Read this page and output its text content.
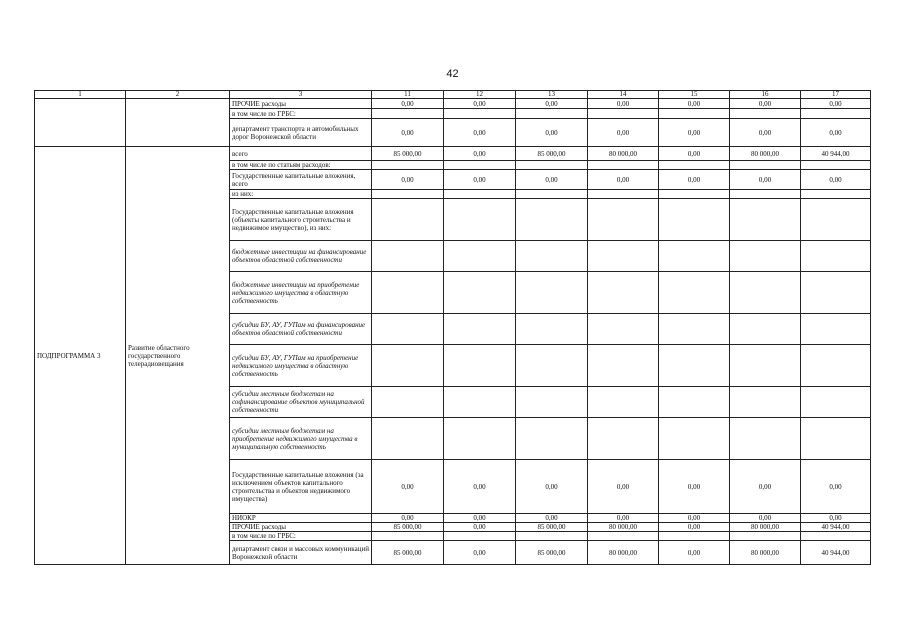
42
1	2	3	11	12	13	14	15	16	17
		ПРОЧИЕ расходы	0,00	0,00	0,00	0,00	0,00	0,00	0,00
		в том числе по ГРБС:							
		департамент транспорта и автомобильных дорог Воронежской области	0,00	0,00	0,00	0,00	0,00	0,00	0,00
ПОДПРОГРАММА 3	Развитие областного государственного телерадиовещания	всего	85 000,00	0,00	85 000,00	80 000,00	0,00	80 000,00	40 944,00
		в том числе по статьям расходов:							
		Государственные капитальные вложения, всего	0,00	0,00	0,00	0,00	0,00	0,00	0,00
		из них:							
		Государственные капитальные вложения (объекты капитального строительства и недвижимое имущество), из них:							
		бюджетные инвестиции на финансирование объектов областной собственности							
		бюджетные инвестиции на приобретение недвижимого имущества в областную собственность							
		субсидии БУ, АУ, ГУПам на финансирование объектов областной собственности							
		субсидии БУ, АУ, ГУПам на приобретение недвижимого имущества в областную собственность							
		субсидии местным бюджетам на софинансирование объектов муниципальной собственности							
		субсидии местным бюджетам на приобретение недвижимого имущества в муниципальную собственность							
		Государственные капитальные вложения (за исключением объектов капитального строительства и объектов недвижимого имущества)	0,00	0,00	0,00	0,00	0,00	0,00	0,00
		НИОКР	0,00	0,00	0,00	0,00	0,00	0,00	0,00
		ПРОЧИЕ расходы	85 000,00	0,00	85 000,00	80 000,00	0,00	80 000,00	40 944,00
		в том числе по ГРБС:							
		департамент связи и массовых коммуникаций Воронежской области	85 000,00	0,00	85 000,00	80 000,00	0,00	80 000,00	40 944,00
